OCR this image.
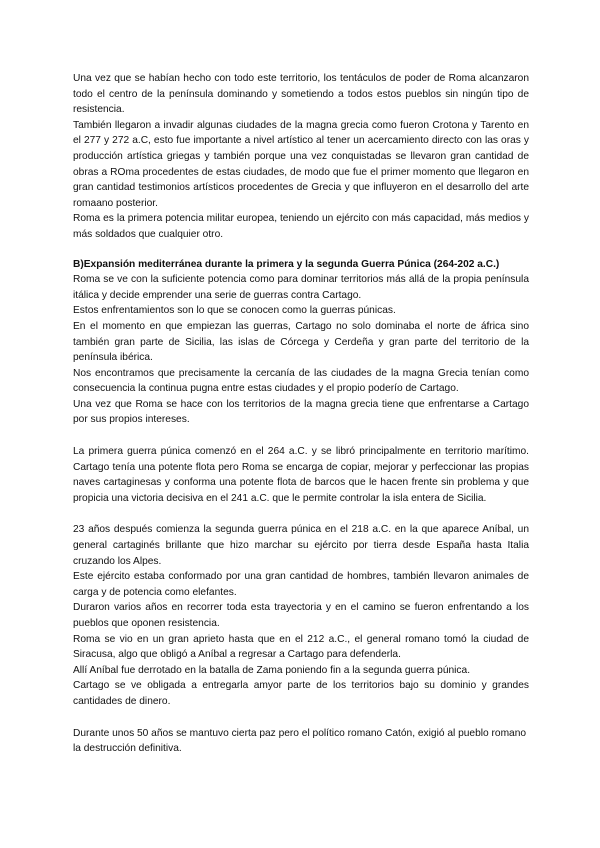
Una vez que se habían hecho con todo este territorio, los tentáculos de poder de Roma alcanzaron todo el centro de la península dominando y sometiendo a todos estos pueblos sin ningún tipo de resistencia.

También llegaron a invadir algunas ciudades de la magna grecia como fueron Crotona y Tarento en el 277 y 272 a.C, esto fue importante a nivel artístico al tener un acercamiento directo con las oras y producción artística griegas y también porque una vez conquistadas se llevaron gran cantidad de obras a ROma procedentes de estas ciudades, de modo que fue el primer momento que llegaron en gran cantidad testimonios artísticos procedentes de Grecia y que influyeron en el desarrollo del arte romaano posterior.

Roma es la primera potencia militar europea, teniendo un ejército con más capacidad, más medios y más soldados que cualquier otro.

B)Expansión mediterránea durante la primera y la segunda Guerra Púnica (264-202 a.C.)

Roma se ve con la suficiente potencia como para dominar territorios más allá de la propia península itálica y decide emprender una serie de guerras contra Cartago.

Estos enfrentamientos son lo que se conocen como la guerras púnicas.

En el momento en que empiezan las guerras, Cartago no solo dominaba el norte de áfrica sino también gran parte de Sicilia, las islas de Córcega y Cerdeña y gran parte del territorio de la península ibérica.

Nos encontramos que precisamente la cercanía de las ciudades de la magna Grecia tenían como consecuencia la continua pugna entre estas ciudades y el propio poderío de Cartago.

Una vez que Roma se hace con los territorios de la magna grecia tiene que enfrentarse a Cartago por sus propios intereses.

La primera guerra púnica comenzó en el 264 a.C. y se libró principalmente en territorio marítimo. Cartago tenía una potente flota pero Roma se encarga de copiar, mejorar y perfeccionar las propias naves cartaginesas y conforma una potente flota de barcos que le hacen frente sin problema y que propicia una victoria decisiva en el 241 a.C. que le permite controlar la isla entera de Sicilia.

23 años después comienza la segunda guerra púnica en el 218 a.C. en la que aparece Aníbal, un general cartaginés brillante que hizo marchar su ejército por tierra desde España hasta Italia cruzando los Alpes.

Este ejército estaba conformado por una gran cantidad de hombres, también llevaron animales de carga y de potencia como elefantes.

Duraron varios años en recorrer toda esta trayectoria y en el camino se fueron enfrentando a los pueblos que oponen resistencia.

Roma se vio en un gran aprieto hasta que en el 212 a.C., el general romano tomó la ciudad de Siracusa, algo que obligó a Aníbal a regresar a Cartago para defenderla.

Allí Aníbal fue derrotado en la batalla de Zama poniendo fin a la segunda guerra púnica.

Cartago se ve obligada a entregarla amyor parte de los territorios bajo su dominio y grandes cantidades de dinero.

Durante unos 50 años se mantuvo cierta paz pero el político romano Catón, exigió al pueblo romano la destrucción definitiva.
